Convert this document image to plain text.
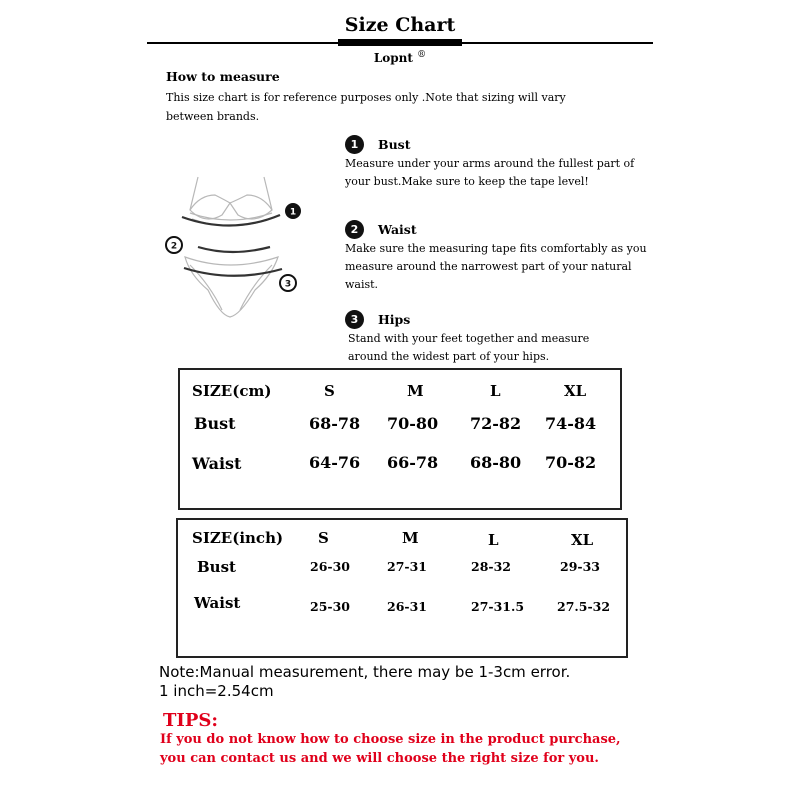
Size Chart
Lopnt ®
How to measure
This size chart is for reference purposes only .Note that sizing will vary between brands.
1
2
3
1	Bust
Measure under your arms around the fullest part of your bust.Make sure to keep the tape level!
2	Waist
Make sure the measuring tape fits comfortably as you measure around the narrowest part of your natural waist.
3	Hips
Stand with your feet together and measure around the widest part of your hips.
SIZE(cm)	S	M	L	XL
Bust	68-78 70-80 72-82 74-84
Waist	64-76 66-78 68-80 70-82
SIZE(inch) S	M	L	XL
Bust	26-30	27-31	28-32	29-33
Waist	25-30	26-31	27-31.5	27.5-32
Note:Manual measurement, there may be 1-3cm error.
1 inch=2.54cm
TIPS:
If you do not know how to choose size in the product purchase, you can contact us and we will choose the right size for you.
